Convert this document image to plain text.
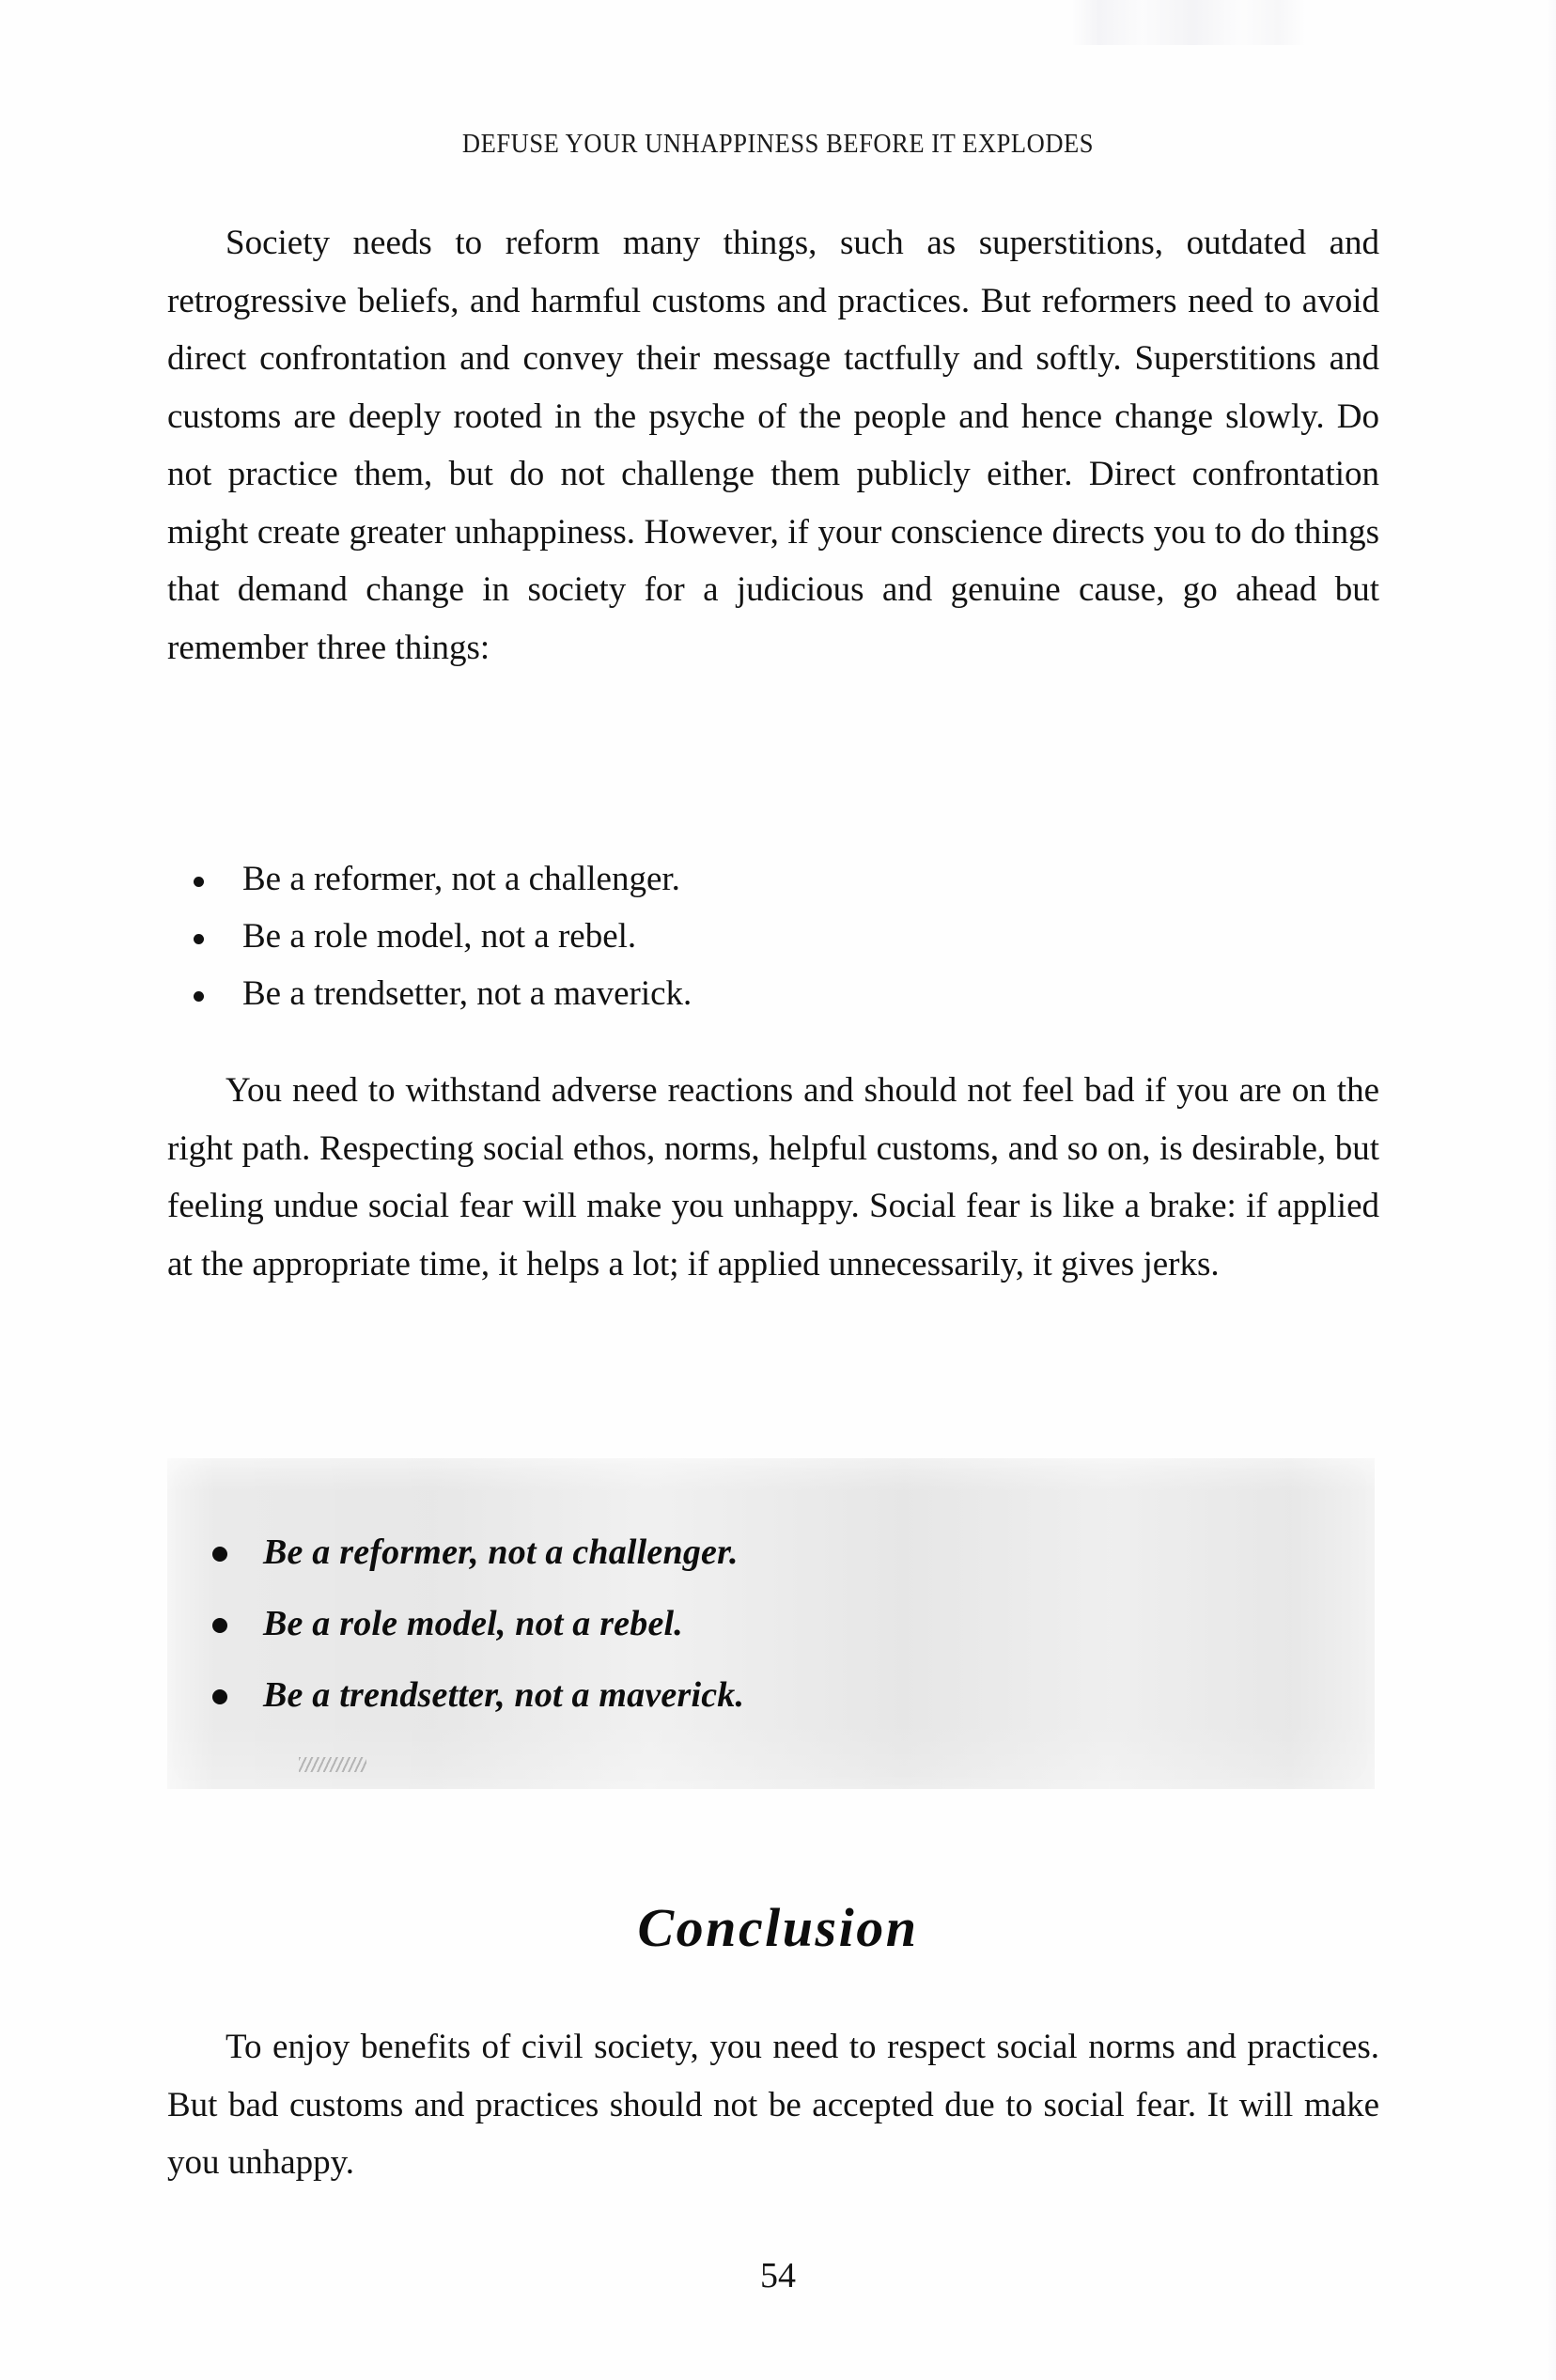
DEFUSE YOUR UNHAPPINESS BEFORE IT EXPLODES

Society needs to reform many things, such as superstitions, outdated and retrogressive beliefs, and harmful customs and practices. But reformers need to avoid direct confrontation and convey their message tactfully and softly. Superstitions and customs are deeply rooted in the psyche of the people and hence change slowly. Do not practice them, but do not challenge them publicly either. Direct confrontation might create greater unhappiness. However, if your conscience directs you to do things that demand change in society for a judicious and genuine cause, go ahead but remember three things:

Be a reformer, not a challenger.
Be a role model, not a rebel.
Be a trendsetter, not a maverick.

You need to withstand adverse reactions and should not feel bad if you are on the right path. Respecting social ethos, norms, helpful customs, and so on, is desirable, but feeling undue social fear will make you unhappy. Social fear is like a brake: if applied at the appropriate time, it helps a lot; if applied unnecessarily, it gives jerks.

Be a reformer, not a challenger.
Be a role model, not a rebel.
Be a trendsetter, not a maverick.
Conclusion

To enjoy benefits of civil society, you need to respect social norms and practices. But bad customs and practices should not be accepted due to social fear. It will make you unhappy.

54
